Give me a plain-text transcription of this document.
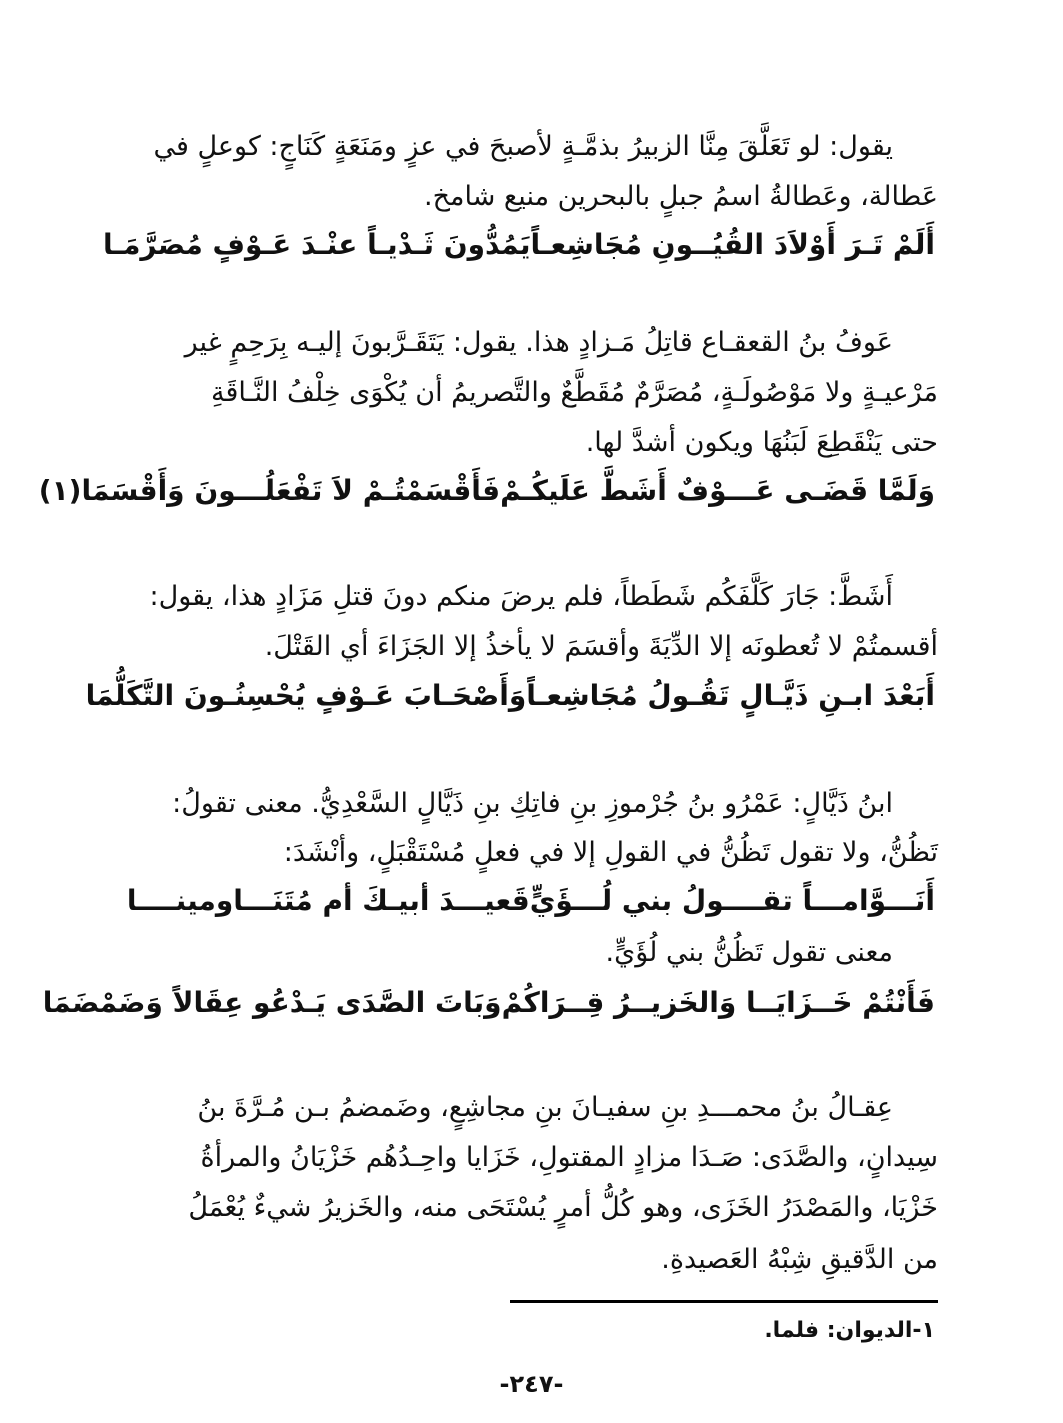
يقول: لو تَعَلَّقَ مِنَّا الزبيرُ بذمَّـةٍ لأصبحَ في عزٍ ومَنَعَةٍ كَنَاجٍ: كوعلٍ في
عَطالة، وعَطالةُ اسمُ جبلٍ بالبحرين منيع شامخ.
أَلَمْ تَـرَ أَوْلاَدَ القُيُــونِ مُجَاشِعـاً
يَمُدُّونَ ثَـدْيـاً عنْـدَ عَـوْفٍ مُصَرَّمَـا
عَوفُ بنُ القعقـاع قاتِلُ مَـزادٍ هذا. يقول: يَتَقَـرَّبونَ إليـه بِرَحِمٍ غير
مَرْعيـةٍ ولا مَوْصُولَـةٍ، مُصَرَّمٌ مُقَطَّعٌ والتَّصريمُ أن يُكْوَى خِلْفُ النَّـاقَةِ
حتى يَنْقَطِعَ لَبَنُهَا ويكون أشدَّ لها.
وَلَمَّا قَضَـى عَـــوْفٌ أَشَطَّ عَلَيكُـمْ
فَأَقْسَمْتُـمْ لاَ تَفْعَلُـــونَ وَأَقْسَمَا(١)
أَشَطَّ: جَارَ كَلَّفَكُم شَطَطاً، فلم يرضَ منكم دونَ قتلِ مَزَادٍ هذا، يقول:
أقسمتُمْ لا تُعطونَه إلا الدِّيَةَ وأقسَمَ لا يأخذُ إلا الجَزَاءَ أي القَتْلَ.
أَبَعْدَ ابـنِ ذَيَّـالٍ تَقُـولُ مُجَاشِعـاً
وَأَصْحَـابَ عَـوْفٍ يُحْسِنُـونَ التَّكَلُّمَا
ابنُ ذَيَّالٍ: عَمْرُو بنُ جُرْموزِ بنِ فاتِكِ بنِ ذَيَّالٍ السَّعْدِيُّ. معنى تقولُ:
تَظُنُّ، ولا تقول تَظُنُّ في القولِ إلا في فعلٍ مُسْتَقْبَلٍ، وأنْشَدَ:
أَنَـــوَّامـــاً تقــــولُ بني لُـــؤَيٍّ
قَعيـــدَ أبيـكَ أم مُتَنَـــاومينــــا
معنى تقول تَظُنُّ بني لُؤَيٍّ.
فَأَنْتُمْ خَــزَايَــا وَالخَزيــرُ قِــرَاكُمْ
وَبَاتَ الصَّدَى يَـدْعُو عِقَالاً وَضَمْضَمَا
عِقـالُ بنُ محمـــدِ بنِ سفيـانَ بنِ مجاشِعٍ، وضَمضمُ بـن مُـرَّةَ بنُ
سِيدانٍ، والصَّدَى: صَـدَا مزادٍ المقتولِ، خَزَايا واحِـدُهُم خَزْيَانُ والمرأةُ
خَزْيَا، والمَصْدَرُ الخَزَى، وهو كُلُّ أمرٍ يُسْتَحَى منه، والخَزيرُ شيءٌ يُعْمَلُ
من الدَّقيقِ شِبْهُ العَصيدةِ.
١-الديوان: فلما.
-٢٤٧-
